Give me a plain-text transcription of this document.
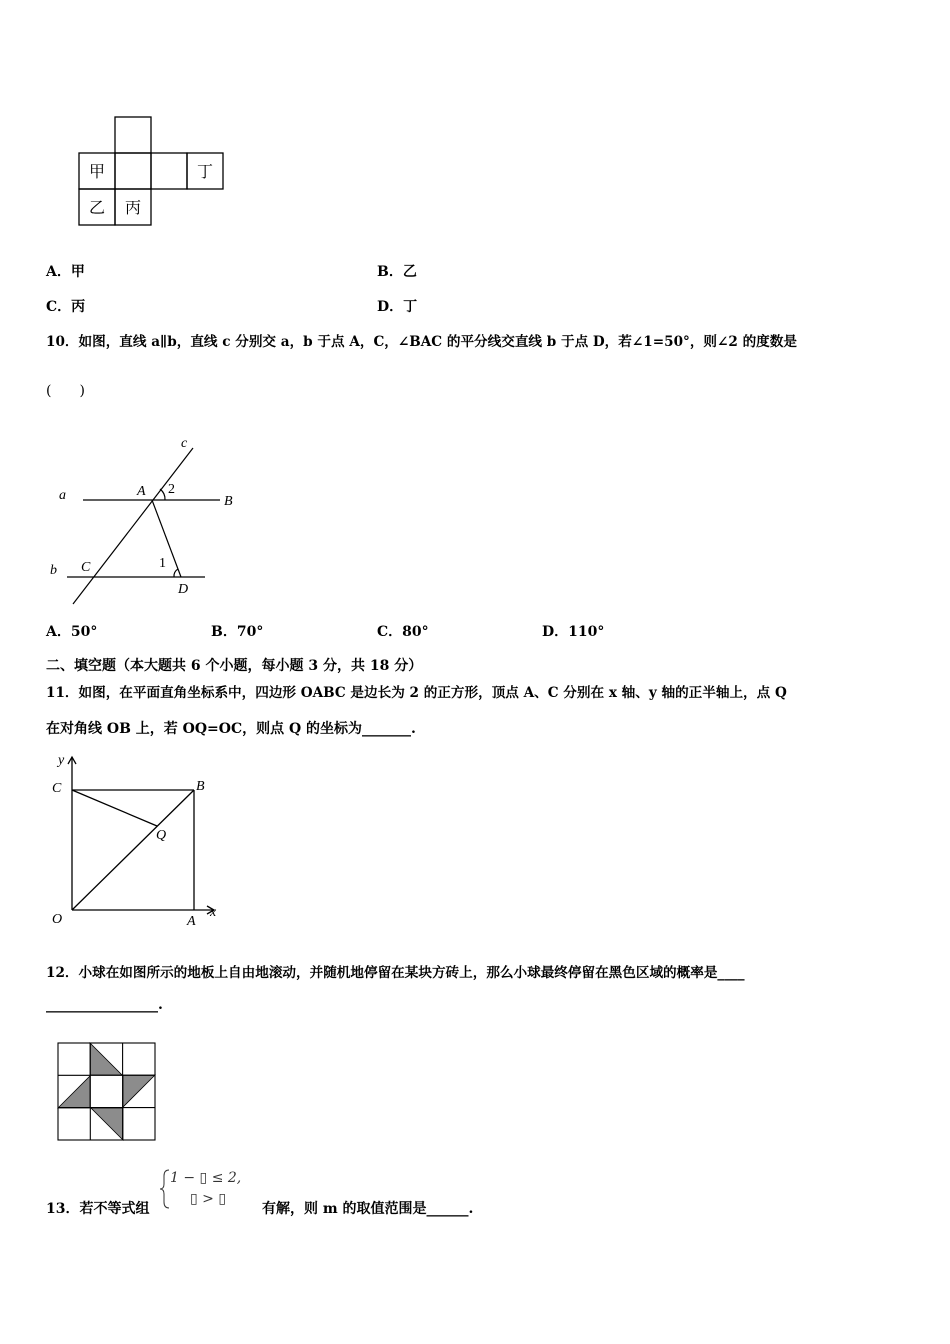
甲	丁
乙 丙
A．甲	B．乙
C．丙	D．丁
10．如图，直线 a∥b，直线 c 分别交 a，b 于点 A，C，∠BAC 的平分线交直线 b 于点 D，若∠1=50°，则∠2 的度数是
(　　)
c
a	A 2
B
b C	1
D
A．50°	B．70°	C．80°	D．110°
二、填空题（本大题共 6 个小题，每小题 3 分，共 18 分）
11．如图，在平面直角坐标系中，四边形 OABC 是边长为 2 的正方形，顶点 A、C 分别在 x 轴、y 轴的正半轴上，点 Q
在对角线 OB 上，若 OQ=OC，则点 Q 的坐标为_______.
y
C	B
Q
O	A
x
12．小球在如图所示的地板上自由地滚动，并随机地停留在某块方砖上，那么小球最终停留在黑色区域的概率是____
________________.
13．若不等式组
1 − ▯ ≤ 2,
▯ > ▯
有解，则 m 的取值范围是______.
